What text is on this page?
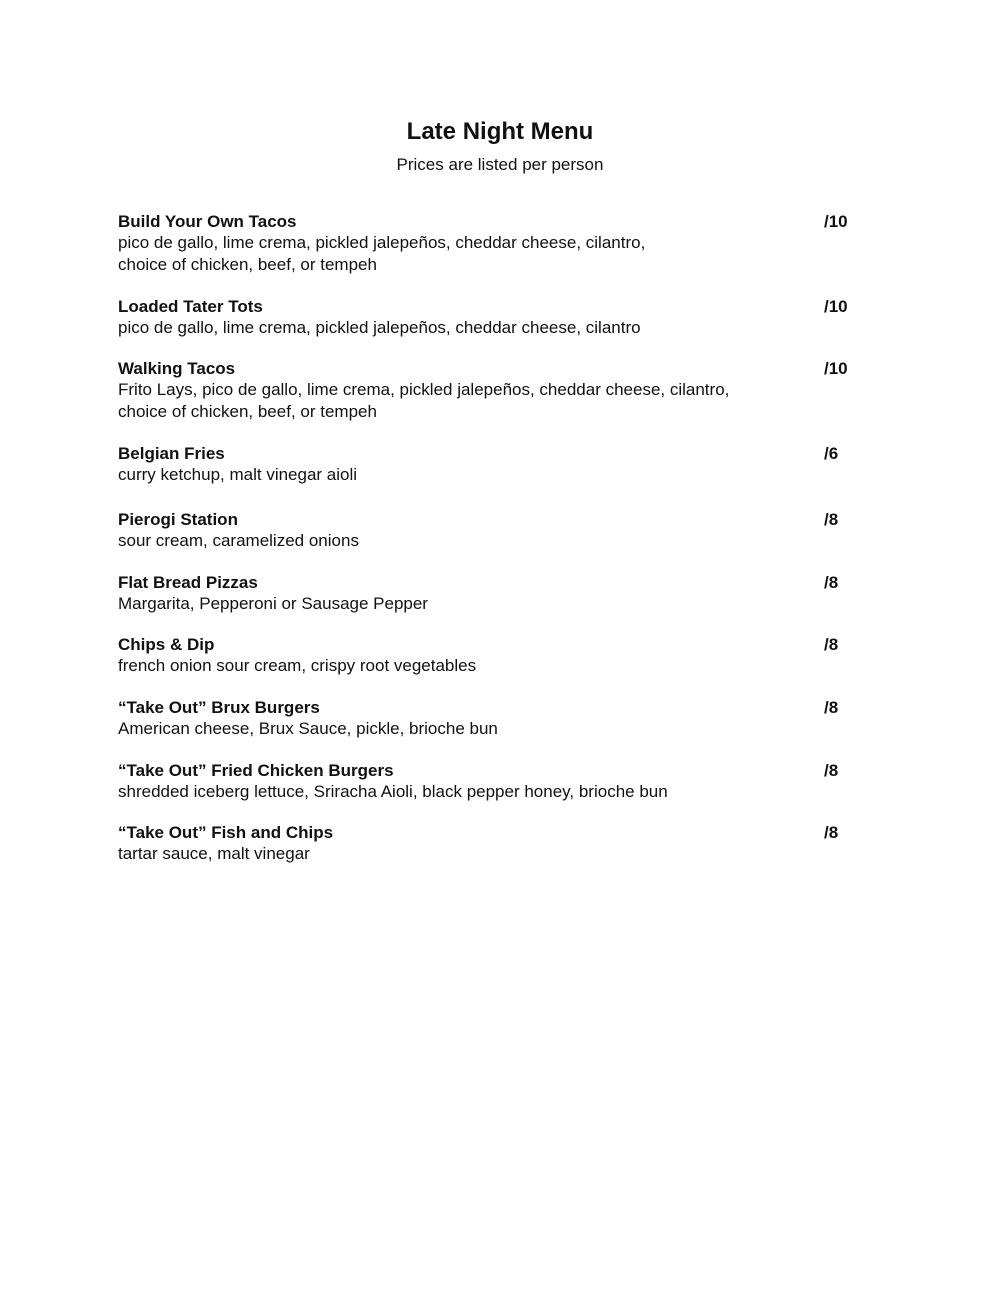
Late Night Menu
Prices are listed per person
Build Your Own Tacos	/10
pico de gallo, lime crema, pickled jalepeños, cheddar cheese, cilantro,
choice of chicken, beef, or tempeh
Loaded Tater Tots	/10
pico de gallo, lime crema, pickled jalepeños, cheddar cheese, cilantro
Walking Tacos	/10
Frito Lays, pico de gallo, lime crema, pickled jalepeños, cheddar cheese, cilantro,
choice of chicken, beef, or tempeh
Belgian Fries	/6
curry ketchup, malt vinegar aioli
Pierogi Station	/8
sour cream, caramelized onions
Flat Bread Pizzas	/8
Margarita, Pepperoni or Sausage Pepper
Chips & Dip	/8
french onion sour cream, crispy root vegetables
“Take Out” Brux Burgers	/8
American cheese, Brux Sauce, pickle, brioche bun
“Take Out” Fried Chicken Burgers	/8
shredded iceberg lettuce, Sriracha Aioli, black pepper honey, brioche bun
“Take Out” Fish and Chips	/8
tartar sauce, malt vinegar
